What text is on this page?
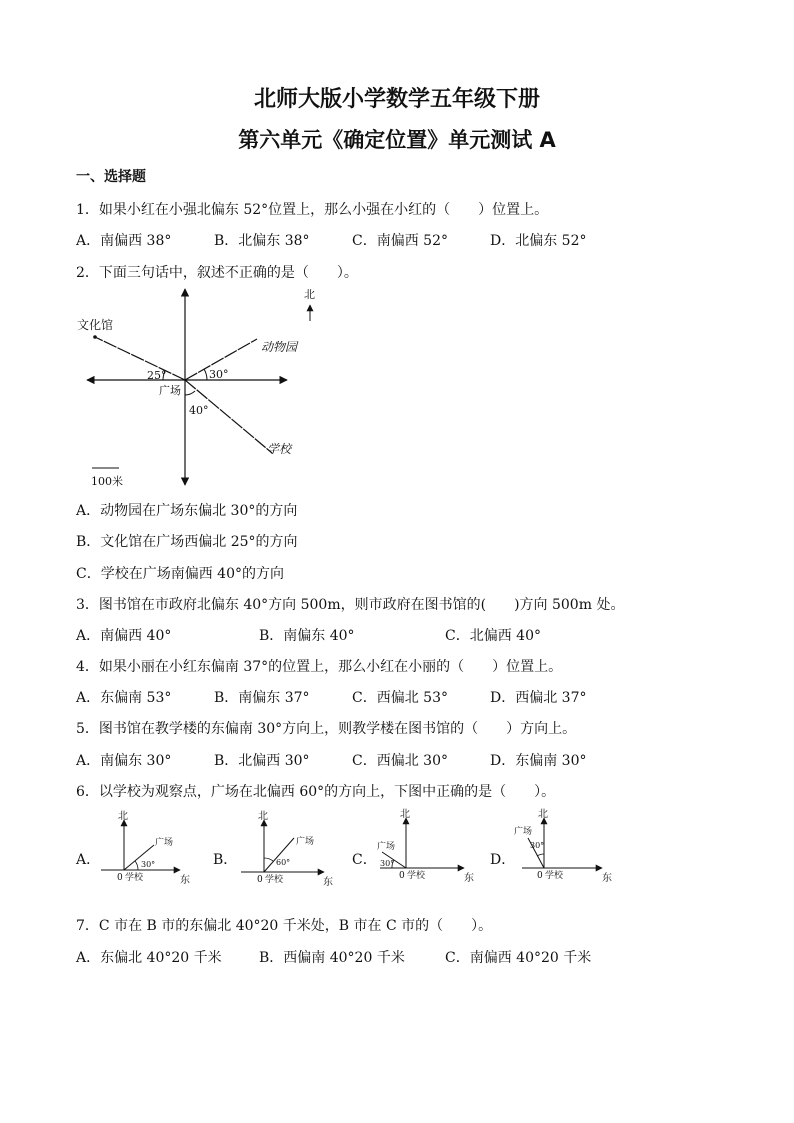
北师大版小学数学五年级下册
第六单元《确定位置》单元测试 A
一、选择题
1．如果小红在小强北偏东 52°位置上，那么小强在小红的（　　）位置上。
A．南偏西 38°	B．北偏东 38°	C．南偏西 52°	D．北偏东 52°
2．下面三句话中，叙述不正确的是（　　）。
北
文化馆
动物园
广场
学校
25°	30°
40°
100米
A．动物园在广场东偏北 30°的方向
B．文化馆在广场西偏北 25°的方向
C．学校在广场南偏西 40°的方向
3．图书馆在市政府北偏东 40°方向 500m，则市政府在图书馆的(　　)方向 500m 处。
A．南偏西 40°	B．南偏东 40°	C．北偏西 40°
4．如果小丽在小红东偏南 37°的位置上，那么小红在小丽的（　　）位置上。
A．东偏南 53°	B．南偏东 37°	C．西偏北 53°	D．西偏北 37°
5．图书馆在教学楼的东偏南 30°方向上，则教学楼在图书馆的（　　）方向上。
A．南偏东 30°	B．北偏西 30°	C．西偏北 30°	D．东偏南 30°
6．以学校为观察点，广场在北偏西 60°的方向上，下图中正确的是（　　）。
A．
北
东
0 学校
广场
30°	B．
北
东
0 学校
广场
60°	C．
北
东
0 学校
广场
30°	D．
北
东
0 学校
广场
30°
7．C 市在 B 市的东偏北 40°20 千米处，B 市在 C 市的（　　）。
A．东偏北 40°20 千米	B．西偏南 40°20 千米	C．南偏西 40°20 千米
